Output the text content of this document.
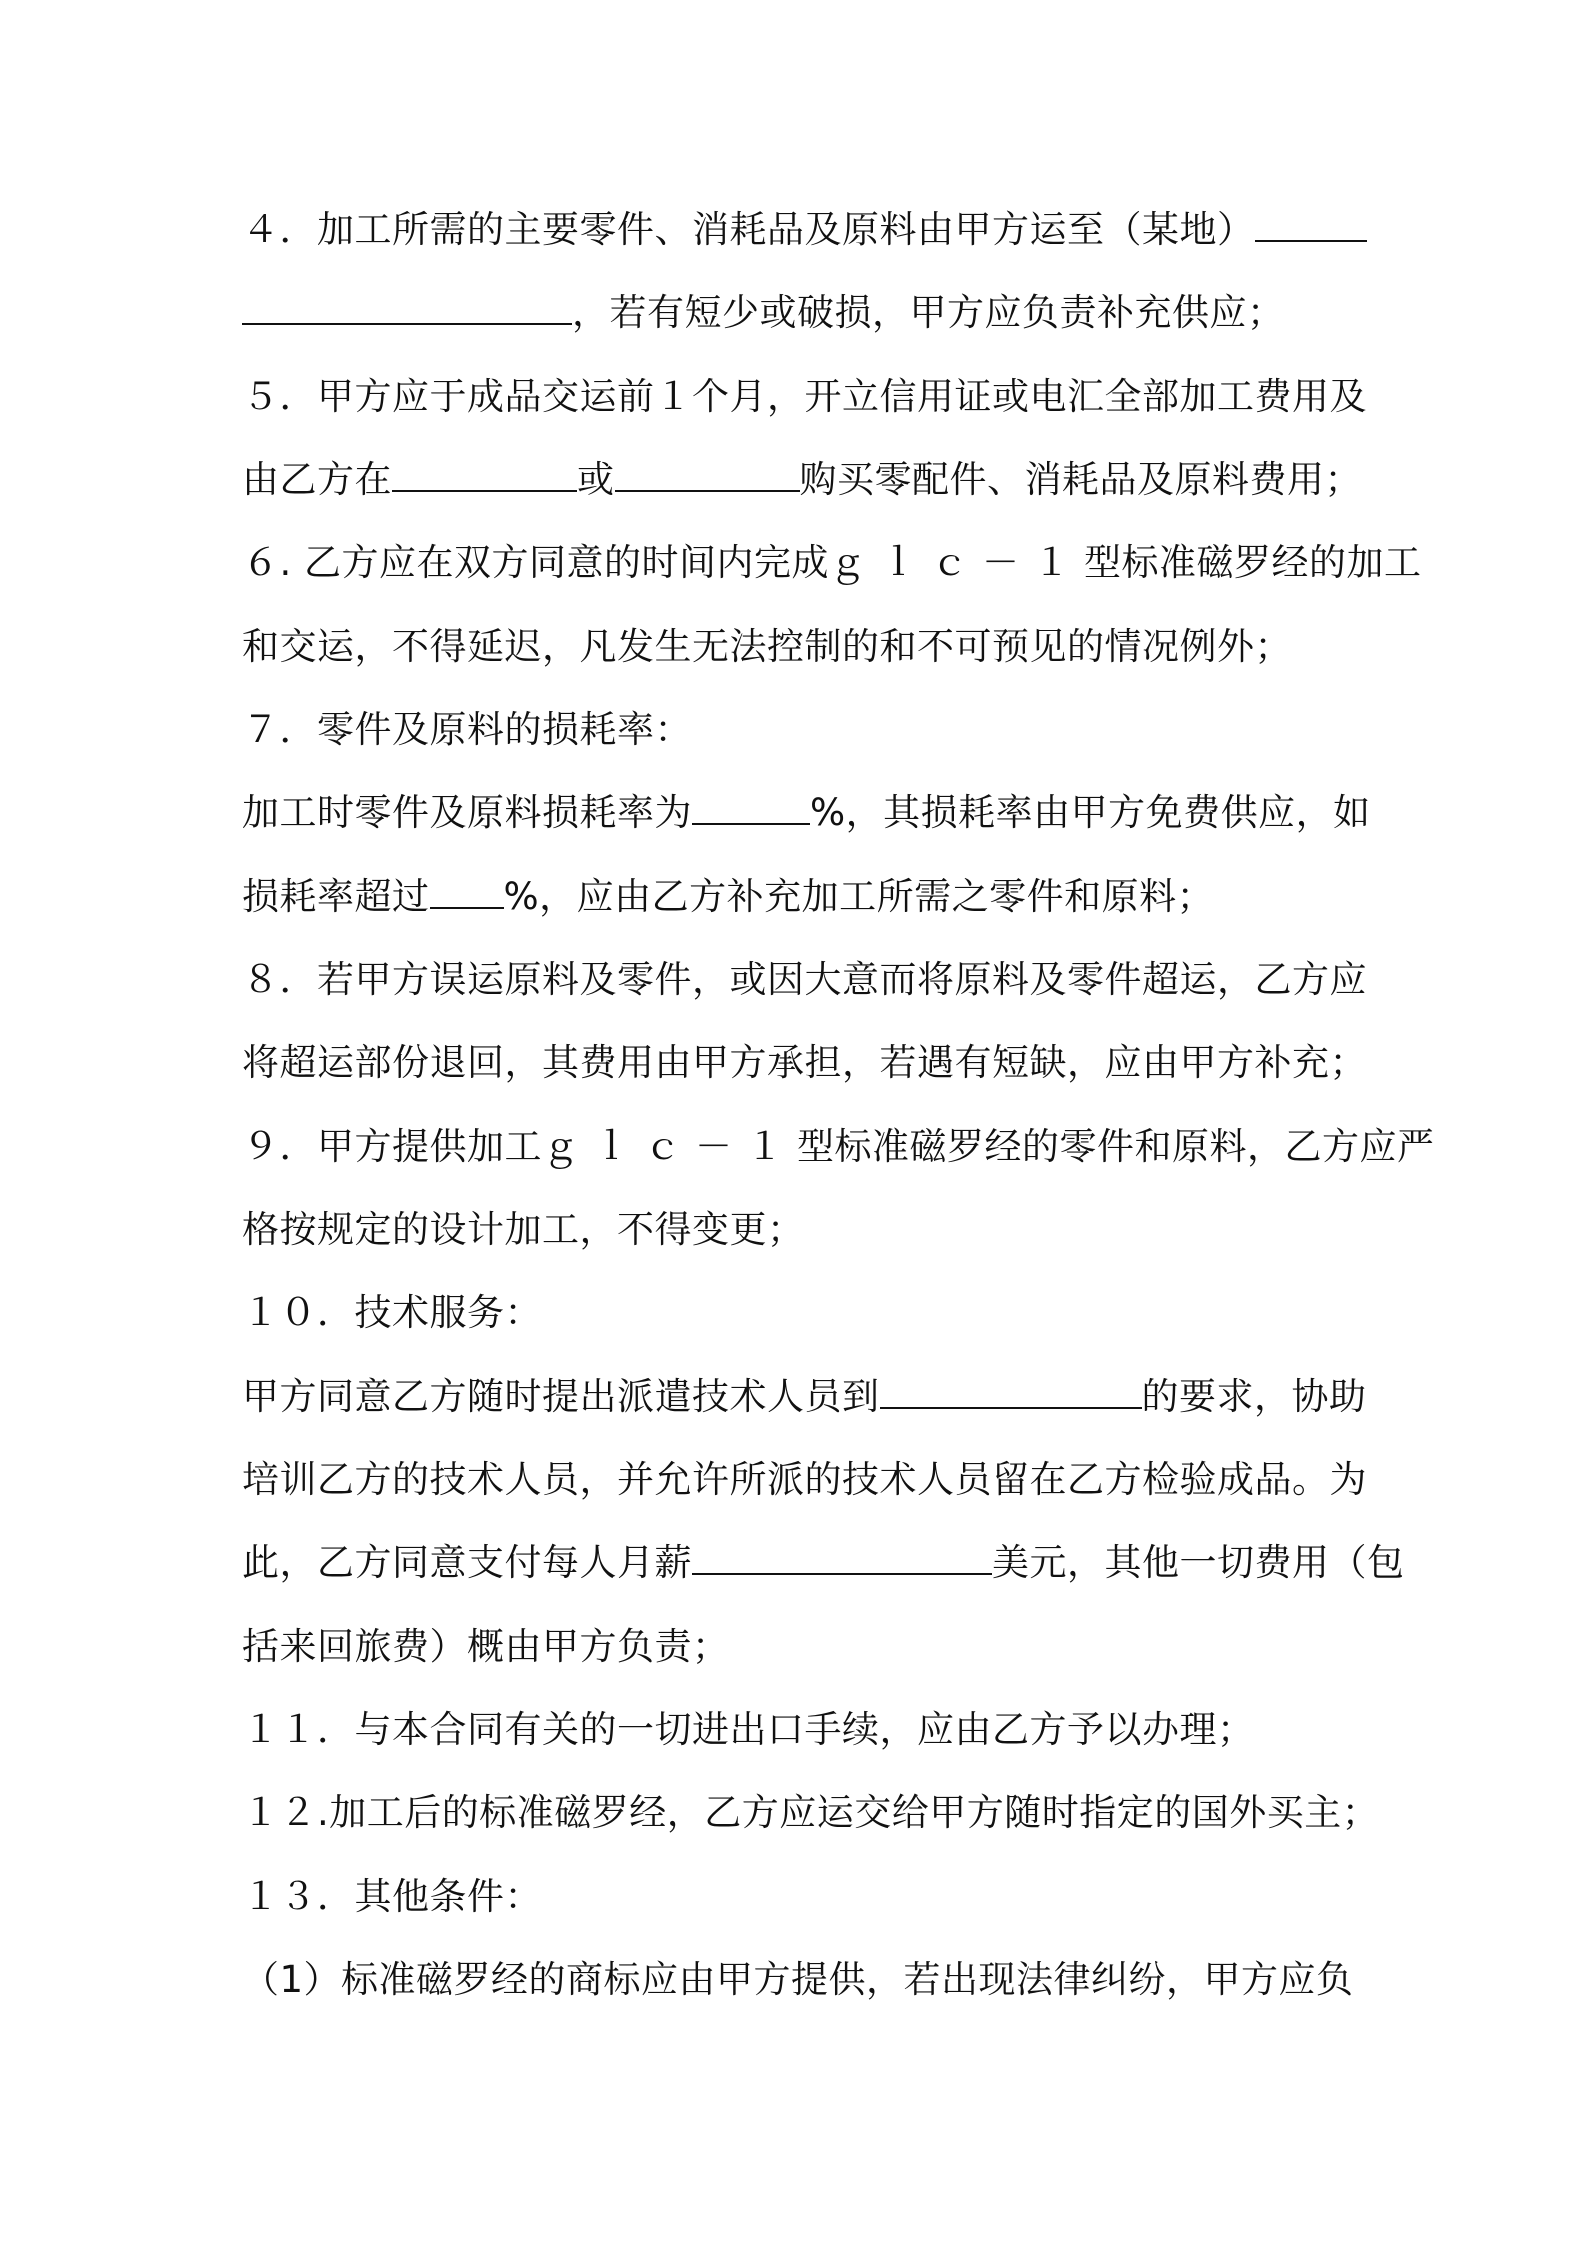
４．加工所需的主要零件、消耗品及原料由甲方运至（某地）
，若有短少或破损，甲方应负责补充供应；
５．甲方应于成品交运前１个月，开立信用证或电汇全部加工费用及
由乙方在	或	购买零配件、消耗品及原料费用；
６. 乙方应在双方同意的时间内完成ｇｌｃ－１型标准磁罗经的加工
和交运，不得延迟，凡发生无法控制的和不可预见的情况例外；
７．零件及原料的损耗率：
加工时零件及原料损耗率为	%，其损耗率由甲方免费供应，如
损耗率超过 %，应由乙方补充加工所需之零件和原料；
８．若甲方误运原料及零件，或因大意而将原料及零件超运，乙方应
将超运部份退回，其费用由甲方承担，若遇有短缺，应由甲方补充；
９．甲方提供加工ｇｌｃ－１型标准磁罗经的零件和原料，乙方应严
格按规定的设计加工，不得变更；
１０．技术服务：
甲方同意乙方随时提出派遣技术人员到	的要求，协助
培训乙方的技术人员，并允许所派的技术人员留在乙方检验成品。为
此，乙方同意支付每人月薪	美元，其他一切费用（包
括来回旅费）概由甲方负责；
１１．与本合同有关的一切进出口手续，应由乙方予以办理；
１２.加工后的标准磁罗经，乙方应运交给甲方随时指定的国外买主；
１３．其他条件：
（1）标准磁罗经的商标应由甲方提供，若出现法律纠纷，甲方应负
